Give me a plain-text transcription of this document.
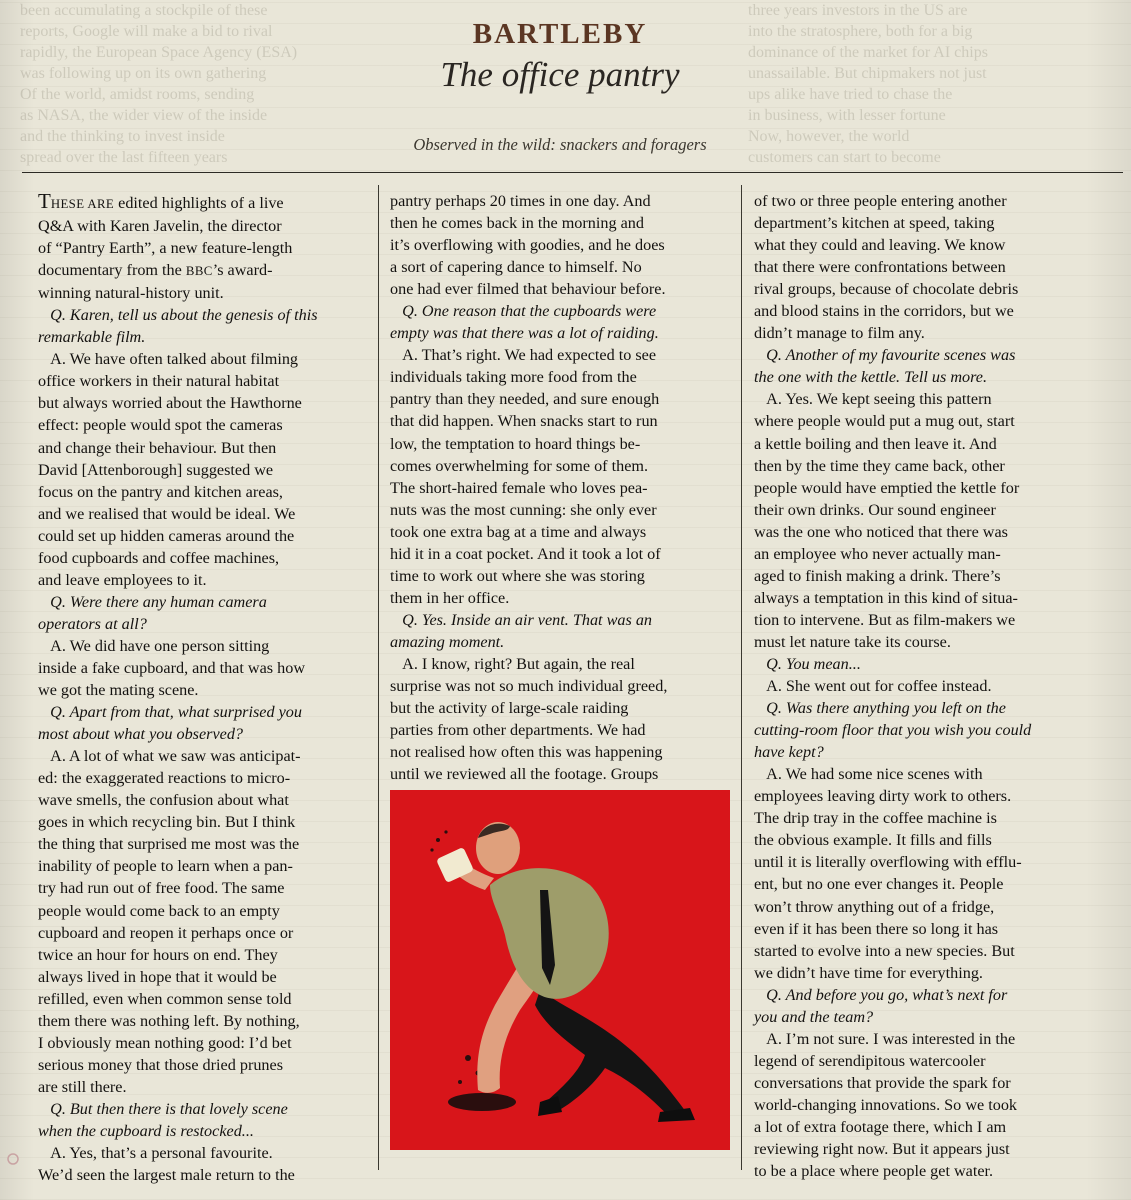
been accumulating a stockpile of these
reports, Google will make a bid to rival
rapidly, the European Space Agency (ESA)
was following up on its own gathering
Of the world, amidst rooms, sending
as NASA, the wider view of the inside
and the thinking to invest inside
spread over the last fifteen years
three years investors in the US are
into the stratosphere, both for a big
dominance of the market for AI chips
unassailable. But chipmakers not just
ups alike have tried to chase the
in business, with lesser fortune
Now, however, the world
customers can start to become
BARTLEBY
The office pantry
Observed in the wild: snackers and foragers

THESE ARE edited highlights of a live
Q&A with Karen Javelin, the director
of “Pantry Earth”, a new feature-length
documentary from the BBC’s award-
winning natural-history unit.

Q. Karen, tell us about the genesis of this
remarkable film.

A. We have often talked about filming
office workers in their natural habitat
but always worried about the Hawthorne
effect: people would spot the cameras
and change their behaviour. But then
David [Attenborough] suggested we
focus on the pantry and kitchen areas,
and we realised that would be ideal. We
could set up hidden cameras around the
food cupboards and coffee machines,
and leave employees to it.

Q. Were there any human camera
operators at all?

A. We did have one person sitting
inside a fake cupboard, and that was how
we got the mating scene.

Q. Apart from that, what surprised you
most about what you observed?

A. A lot of what we saw was anticipat-
ed: the exaggerated reactions to micro-
wave smells, the confusion about what
goes in which recycling bin. But I think
the thing that surprised me most was the
inability of people to learn when a pan-
try had run out of free food. The same
people would come back to an empty
cupboard and reopen it perhaps once or
twice an hour for hours on end. They
always lived in hope that it would be
refilled, even when common sense told
them there was nothing left. By nothing,
I obviously mean nothing good: I’d bet
serious money that those dried prunes
are still there.

Q. But then there is that lovely scene
when the cupboard is restocked...

A. Yes, that’s a personal favourite.
We’d seen the largest male return to the

pantry perhaps 20 times in one day. And
then he comes back in the morning and
it’s overflowing with goodies, and he does
a sort of capering dance to himself. No
one had ever filmed that behaviour before.

Q. One reason that the cupboards were
empty was that there was a lot of raiding.

A. That’s right. We had expected to see
individuals taking more food from the
pantry than they needed, and sure enough
that did happen. When snacks start to run
low, the temptation to hoard things be-
comes overwhelming for some of them.
The short-haired female who loves pea-
nuts was the most cunning: she only ever
took one extra bag at a time and always
hid it in a coat pocket. And it took a lot of
time to work out where she was storing
them in her office.

Q. Yes. Inside an air vent. That was an
amazing moment.

A. I know, right? But again, the real
surprise was not so much individual greed,
but the activity of large-scale raiding
parties from other departments. We had
not realised how often this was happening
until we reviewed all the footage. Groups

of two or three people entering another
department’s kitchen at speed, taking
what they could and leaving. We know
that there were confrontations between
rival groups, because of chocolate debris
and blood stains in the corridors, but we
didn’t manage to film any.

Q. Another of my favourite scenes was
the one with the kettle. Tell us more.

A. Yes. We kept seeing this pattern
where people would put a mug out, start
a kettle boiling and then leave it. And
then by the time they came back, other
people would have emptied the kettle for
their own drinks. Our sound engineer
was the one who noticed that there was
an employee who never actually man-
aged to finish making a drink. There’s
always a temptation in this kind of situa-
tion to intervene. But as film-makers we
must let nature take its course.

Q. You mean...

A. She went out for coffee instead.

Q. Was there anything you left on the
cutting-room floor that you wish you could
have kept?

A. We had some nice scenes with
employees leaving dirty work to others.
The drip tray in the coffee machine is
the obvious example. It fills and fills
until it is literally overflowing with efflu-
ent, but no one ever changes it. People
won’t throw anything out of a fridge,
even if it has been there so long it has
started to evolve into a new species. But
we didn’t have time for everything.

Q. And before you go, what’s next for
you and the team?

A. I’m not sure. I was interested in the
legend of serendipitous watercooler
conversations that provide the spark for
world-changing innovations. So we took
a lot of extra footage there, which I am
reviewing right now. But it appears just
to be a place where people get water.
